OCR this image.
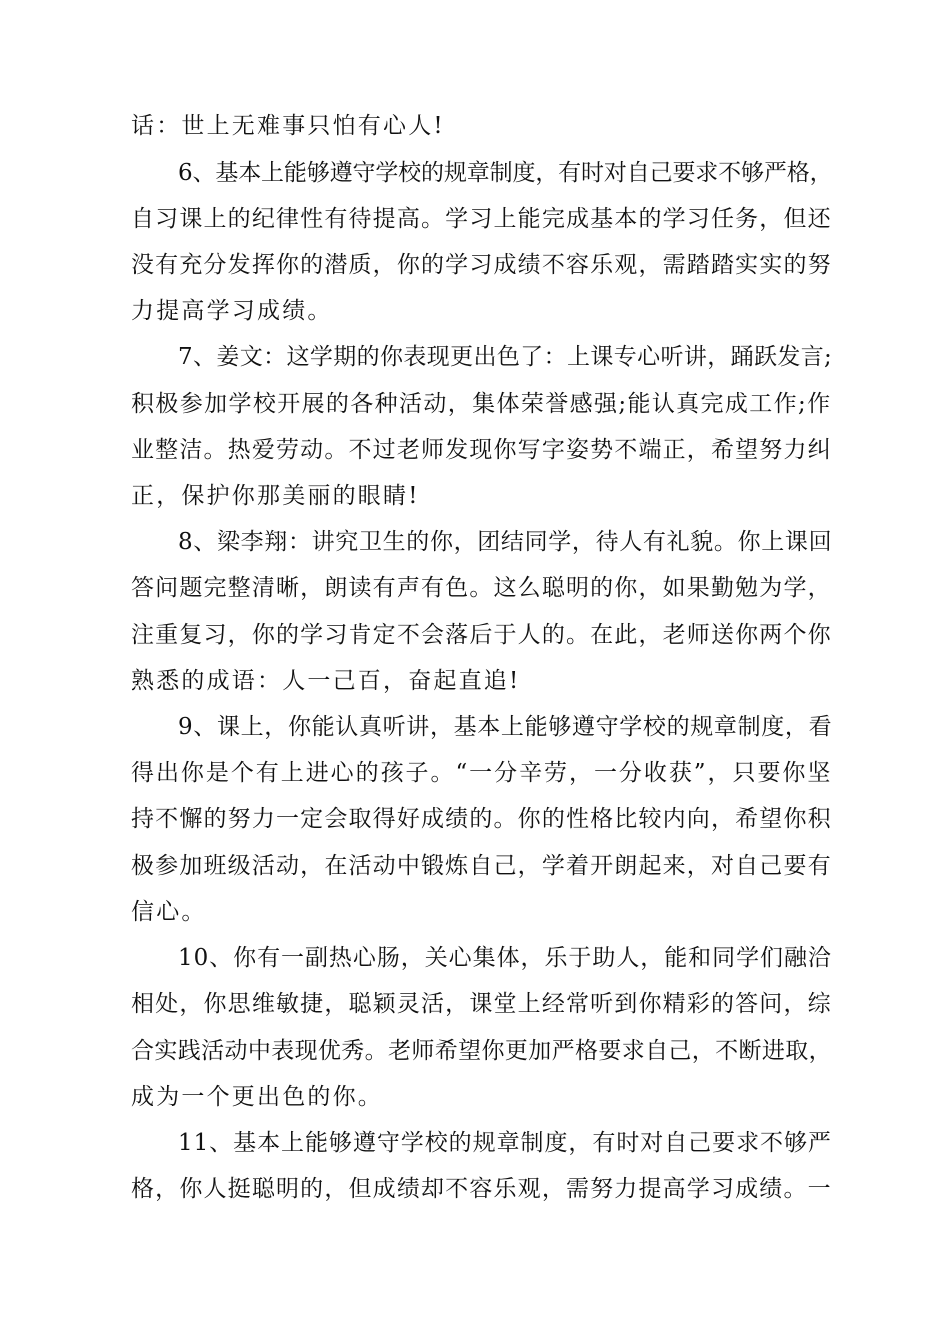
话：世上无难事只怕有心人!
6、基本上能够遵守学校的规章制度，有时对自己要求不够严格，
自习课上的纪律性有待提高。学习上能完成基本的学习任务，但还
没有充分发挥你的潜质，你的学习成绩不容乐观，需踏踏实实的努
力提高学习成绩。
7、姜文：这学期的你表现更出色了：上课专心听讲，踊跃发言;
积极参加学校开展的各种活动，集体荣誉感强;能认真完成工作;作
业整洁。热爱劳动。不过老师发现你写字姿势不端正，希望努力纠
正，保护你那美丽的眼睛!
8、梁李翔：讲究卫生的你，团结同学，待人有礼貌。你上课回
答问题完整清晰，朗读有声有色。这么聪明的你，如果勤勉为学，
注重复习，你的学习肯定不会落后于人的。在此，老师送你两个你
熟悉的成语：人一己百，奋起直追!
9、课上，你能认真听讲，基本上能够遵守学校的规章制度，看
得出你是个有上进心的孩子。“一分辛劳，一分收获”，只要你坚
持不懈的努力一定会取得好成绩的。你的性格比较内向，希望你积
极参加班级活动，在活动中锻炼自己，学着开朗起来，对自己要有
信心。
10、你有一副热心肠，关心集体，乐于助人，能和同学们融洽
相处，你思维敏捷，聪颖灵活，课堂上经常听到你精彩的答问，综
合实践活动中表现优秀。老师希望你更加严格要求自己，不断进取，
成为一个更出色的你。
11、基本上能够遵守学校的规章制度，有时对自己要求不够严
格，你人挺聪明的，但成绩却不容乐观，需努力提高学习成绩。一
